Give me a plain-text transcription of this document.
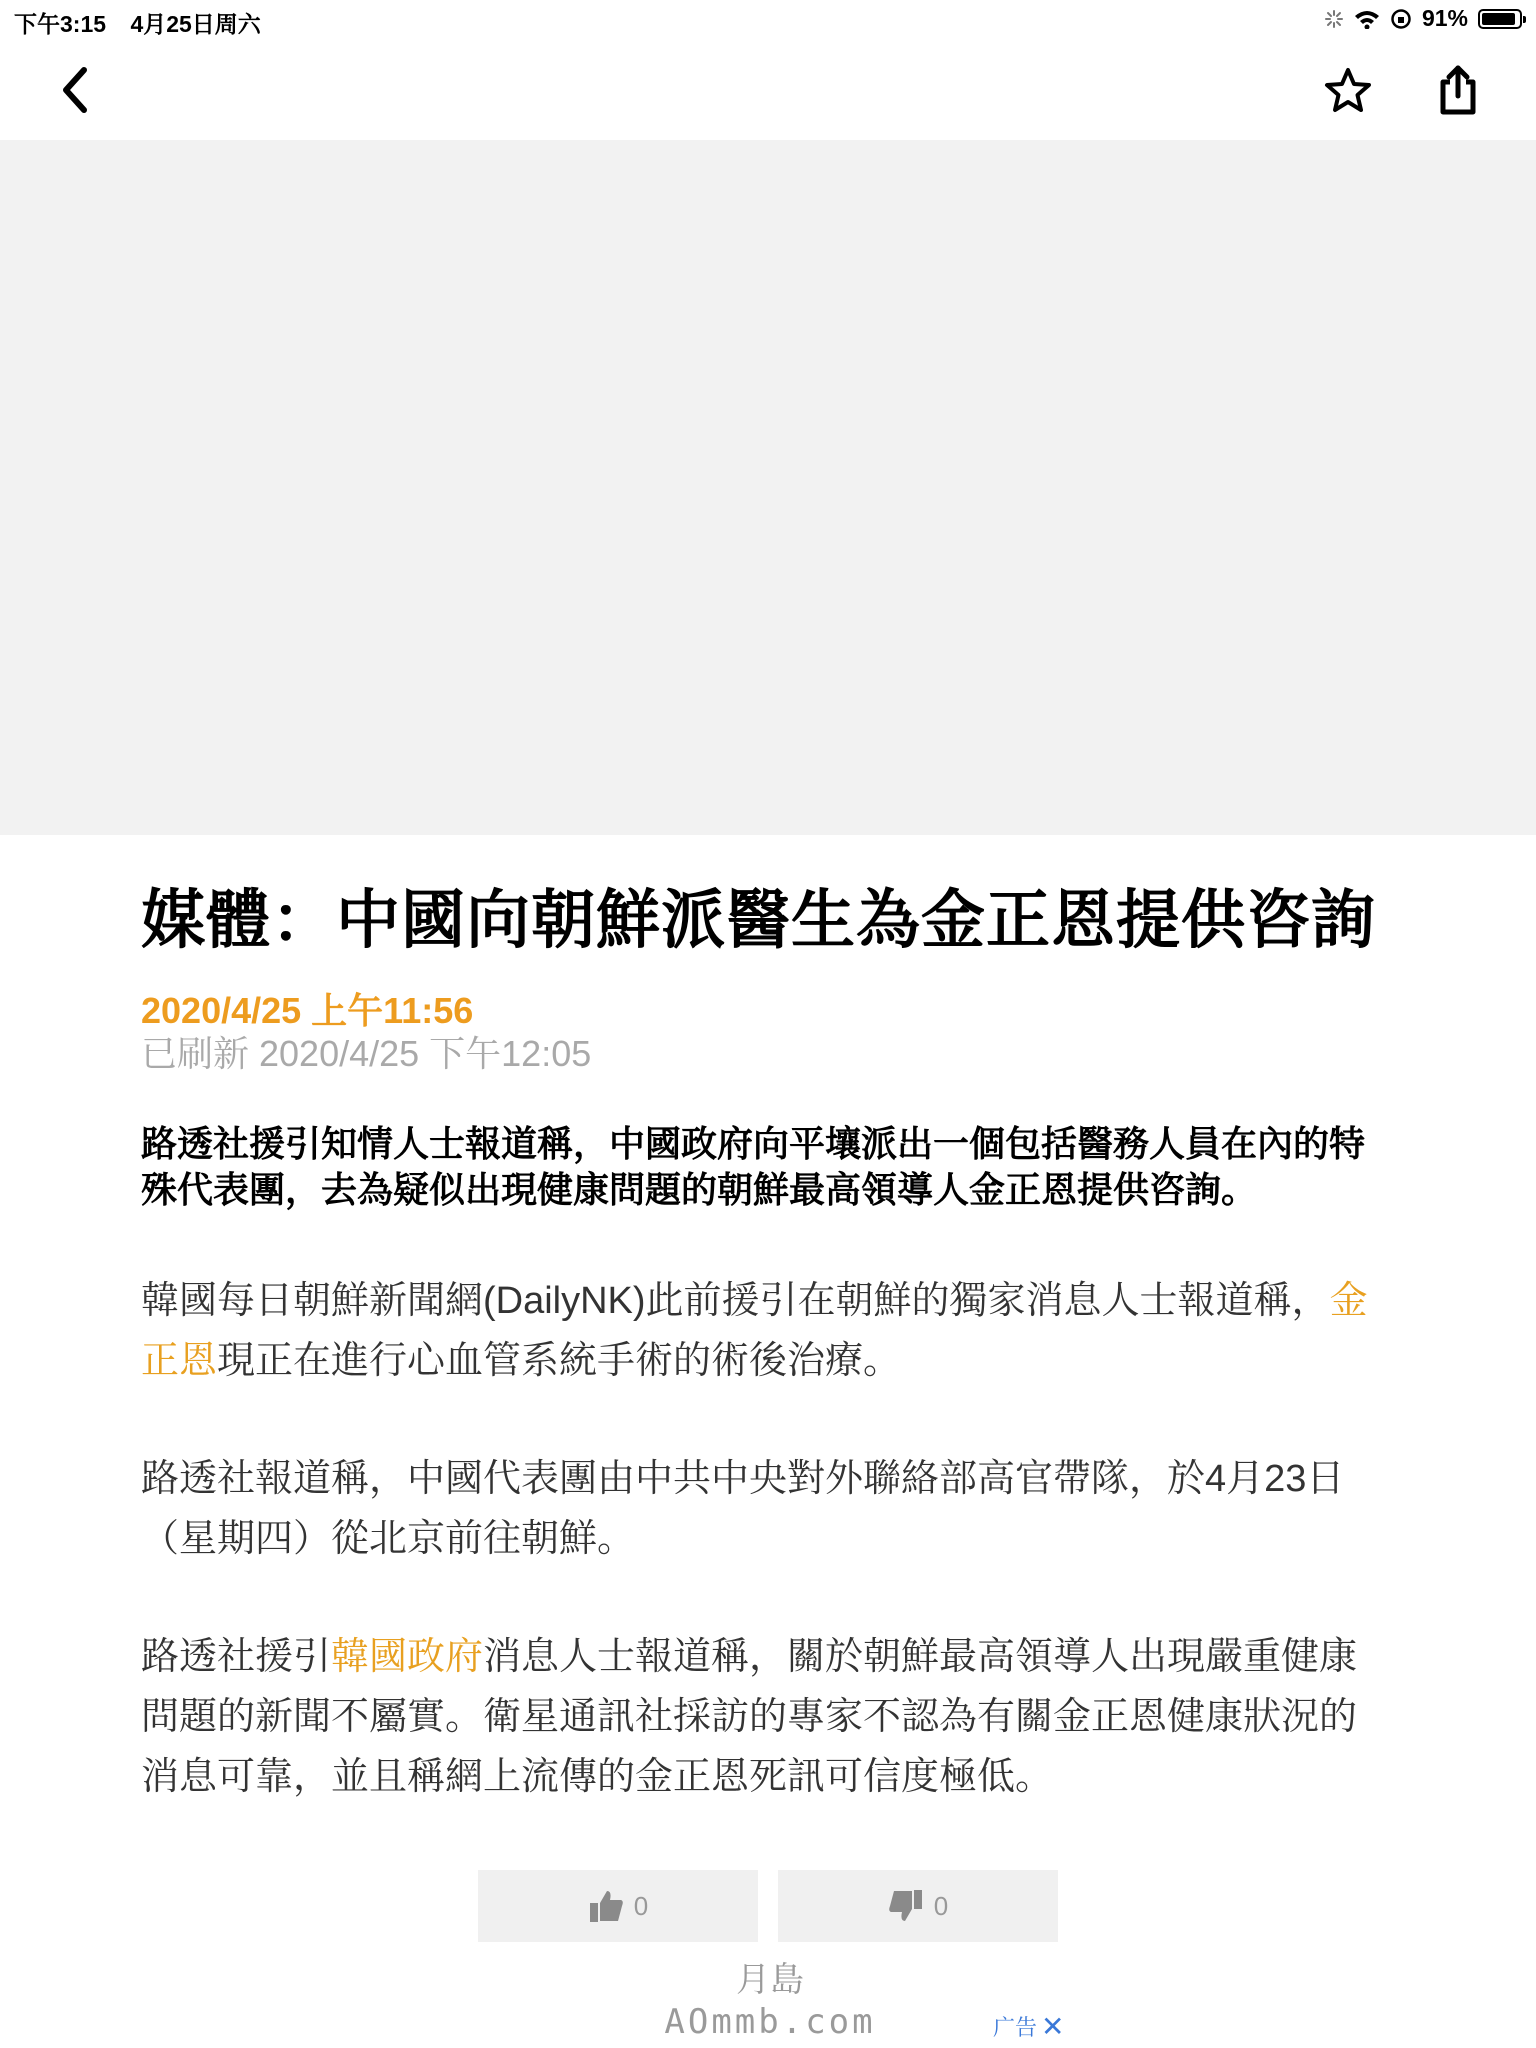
下午3:15 4月25日周六	91%
媒體：中國向朝鮮派醫生為金正恩提供咨詢
2020/4/25 上午11:56
已刷新 2020/4/25 下午12:05
路透社援引知情人士報道稱，中國政府向平壤派出一個包括醫務人員在內的特殊代表團，去為疑似出現健康問題的朝鮮最高領導人金正恩提供咨詢。
韓國每日朝鮮新聞網(DailyNK)此前援引在朝鮮的獨家消息人士報道稱，金正恩現正在進行心血管系統手術的術後治療。
路透社報道稱，中國代表團由中共中央對外聯絡部高官帶隊，於4月23日（星期四）從北京前往朝鮮。
路透社援引韓國政府消息人士報道稱，關於朝鮮最高領導人出現嚴重健康問題的新聞不屬實。衛星通訊社採訪的專家不認為有關金正恩健康狀況的消息可靠，並且稱網上流傳的金正恩死訊可信度極低。
0	0
月島
AOmmb.com	广告 ✕
